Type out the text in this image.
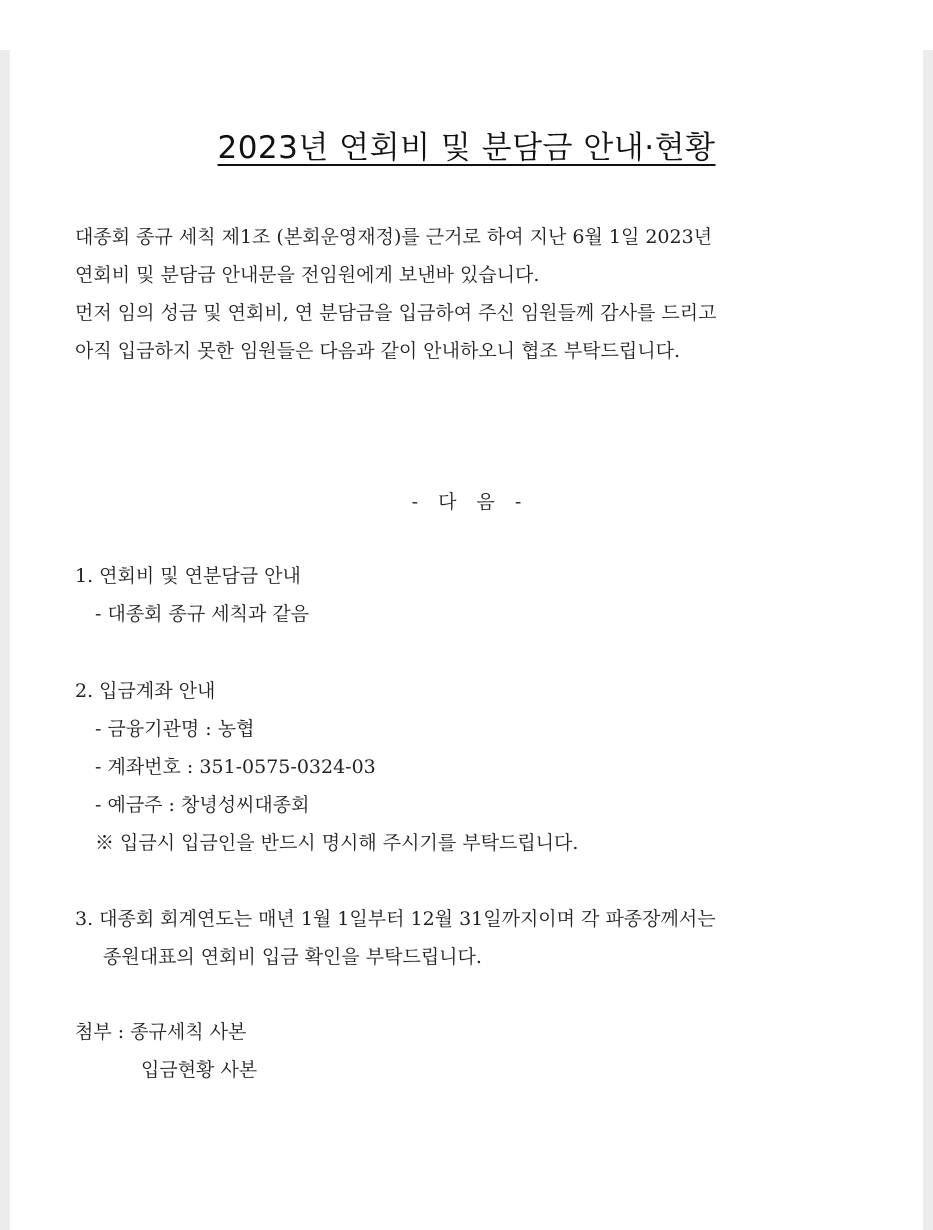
2023년 연회비 및 분담금 안내·현황
대종회 종규 세칙 제1조 (본회운영재정)를 근거로 하여 지난 6월 1일 2023년
연회비 및 분담금 안내문을 전임원에게 보낸바 있습니다.
먼저 임의 성금 및 연회비, 연 분담금을 입금하여 주신 임원들께 감사를 드리고
아직 입금하지 못한 임원들은 다음과 같이 안내하오니 협조 부탁드립니다.
- 다 음 -
1. 연회비 및 연분담금 안내
- 대종회 종규 세칙과 같음
2. 입금계좌 안내
- 금융기관명 : 농협
- 계좌번호 : 351-0575-0324-03
- 예금주 : 창녕성씨대종회
※ 입금시 입금인을 반드시 명시해 주시기를 부탁드립니다.
3. 대종회 회계연도는 매년 1월 1일부터 12월 31일까지이며 각 파종장께서는
종원대표의 연회비 입금 확인을 부탁드립니다.
첨부 : 종규세칙 사본
입금현황 사본
